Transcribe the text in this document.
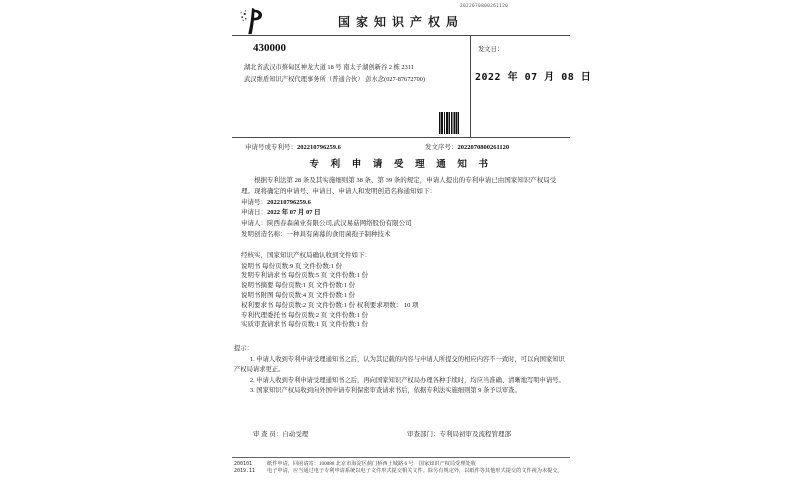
国家知识产权局
2022070800261120
430000
湖北省武汉市蔡甸区神龙大道 18 号 南太子湖创新谷 2 栋 2311
武汉维盾知识产权代理事务所（普通合伙） 彭水念(027-87672700)
发文日：
2022 年 07 月 08 日
申请号或专利号：202210796259.6	发文序号：2022070800261120
专 利 申 请 受 理 通 知 书

根据专利法第 28 条及其实施细则第 38 条、第 39 条的规定，申请人提出的专利申请已由国家知识产权局受理。现将确定的申请号、申请日、申请人和发明创造名称通知如下：

申请号：202210796259.6

申请日：2022 年 07 月 07 日

申请人：陕西春森菌业有限公司,武汉易菇网络股份有限公司

发明创造名称：一种具有菌幕的食用菌孢子制种技术

经核实，国家知识产权局确认收到文件如下：

说明书 每份页数:9 页 文件份数:1 份

发明专利请求书 每份页数:5 页 文件份数:1 份

说明书摘要 每份页数:1 页 文件份数:1 份

说明书附图 每份页数:4 页 文件份数:1 份

权利要求书 每份页数:2 页 文件份数:1 份 权利要求项数： 10 项

专利代理委托书 每份页数:2 页 文件份数:1 份

实质审查请求书 每份页数:1 页 文件份数:1 份

提示：

1. 申请人收到专利申请受理通知书之后，认为其记载的内容与申请人所提交的相应内容不一致时，可以向国家知识产权局请求更正。

2. 申请人收到专利申请受理通知书之后，再向国家知识产权局办理各种手续时，均应当准确、清晰地写明申请号。

3. 国家知识产权局收到向外国申请专利保密审查请求书后，依据专利法实施细则第 9 条予以审查。

审 查 员：自动受理	审查部门：专利局初审及流程管理部
200101
2019.11

纸件申请，回函请寄：100088 北京市海淀区蓟门桥西土城路 6 号　国家知识产权局受理处收

电子申请，应当通过电子专利申请系统以电子文件形式提交相关文件。除另有规定外，以纸件等其他形式提交的文件视为未提交。
